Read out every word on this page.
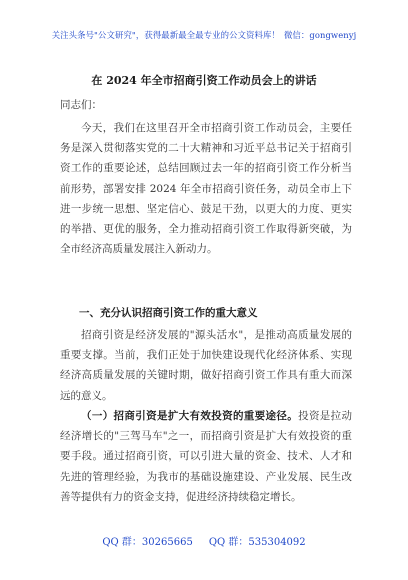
关注头条号"公文研究"，获得最新最全最专业的公文资料库！ 微信：gongwenyj
在 2024 年全市招商引资工作动员会上的讲话
同志们：

今天，我们在这里召开全市招商引资工作动员会，主要任务是深入贯彻落实党的二十大精神和习近平总书记关于招商引资工作的重要论述，总结回顾过去一年的招商引资工作分析当前形势，部署安排 2024 年全市招商引资任务，动员全市上下进一步统一思想、坚定信心、鼓足干劲，以更大的力度、更实的举措、更优的服务，全力推动招商引资工作取得新突破，为全市经济高质量发展注入新动力。

一、充分认识招商引资工作的重大意义

招商引资是经济发展的"源头活水"，是推动高质量发展的重要支撑。当前，我们正处于加快建设现代化经济体系、实现经济高质量发展的关键时期，做好招商引资工作具有重大而深远的意义。

（一）招商引资是扩大有效投资的重要途径。投资是拉动经济增长的"三驾马车"之一，而招商引资是扩大有效投资的重要手段。通过招商引资，可以引进大量的资金、技术、人才和先进的管理经验，为我市的基础设施建设、产业发展、民生改善等提供有力的资金支持，促进经济持续稳定增长。

QQ 群：30265665 QQ 群：535304092
